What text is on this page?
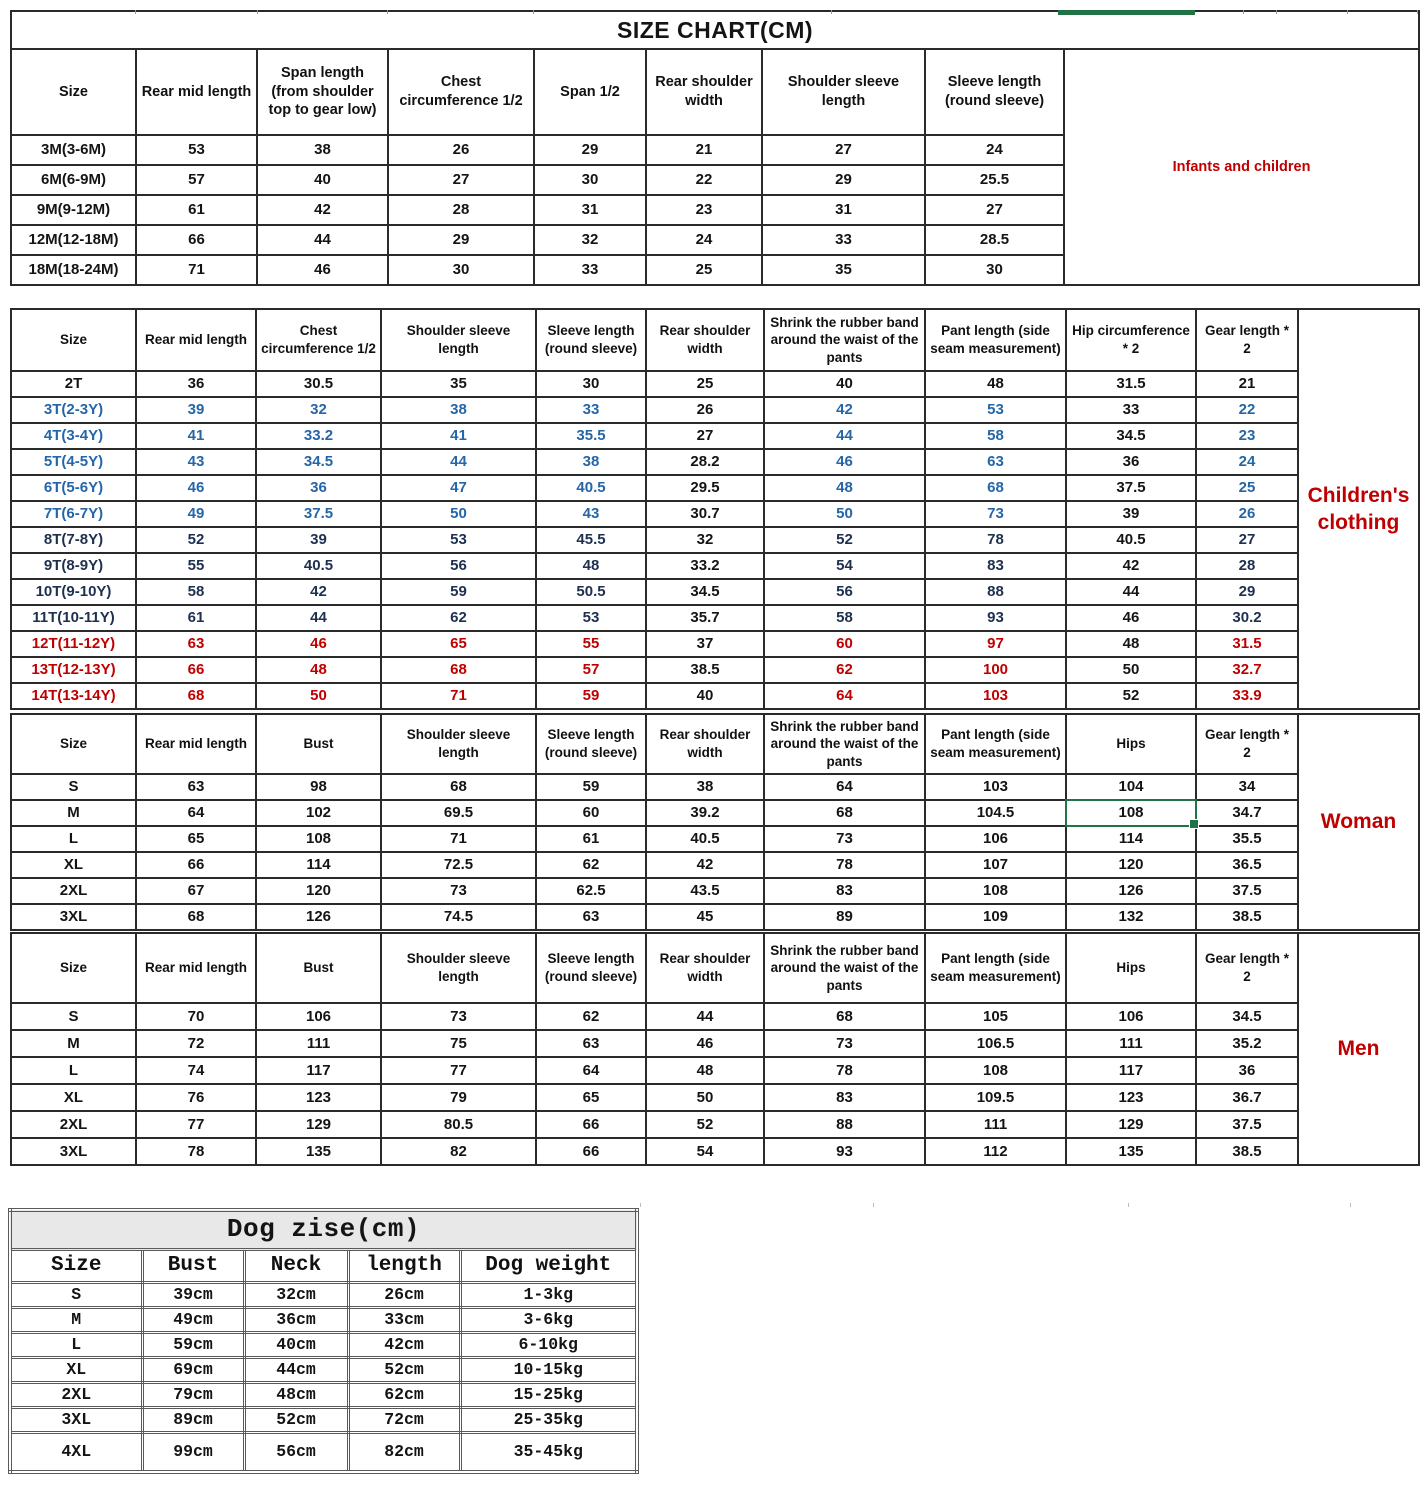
SIZE CHART(CM)								
Size	Rear mid length	Span length (from shoulder top to gear low)	Chest circumference 1/2	Span 1/2	Rear shoulder width	Shoulder sleeve length	Sleeve length (round sleeve)	Infants and children
3M(3-6M)	53	38	26	29	21	27	24	
6M(6-9M)	57	40	27	30	22	29	25.5	
9M(9-12M)	61	42	28	31	23	31	27	
12M(12-18M)	66	44	29	32	24	33	28.5	
18M(18-24M)	71	46	30	33	25	35	30	
Size	Rear mid length	Chest circumference 1/2	Shoulder sleeve length	Sleeve length (round sleeve)	Rear shoulder width	Shrink the rubber band around the waist of the pants	Pant length (side seam measurement)	Hip circumference * 2	Gear length * 2	Children's clothing
2T	36	30.5	35	30	25	40	48	31.5	21	
3T(2-3Y)	39	32	38	33	26	42	53	33	22	
4T(3-4Y)	41	33.2	41	35.5	27	44	58	34.5	23	
5T(4-5Y)	43	34.5	44	38	28.2	46	63	36	24	
6T(5-6Y)	46	36	47	40.5	29.5	48	68	37.5	25	
7T(6-7Y)	49	37.5	50	43	30.7	50	73	39	26	
8T(7-8Y)	52	39	53	45.5	32	52	78	40.5	27	
9T(8-9Y)	55	40.5	56	48	33.2	54	83	42	28	
10T(9-10Y)	58	42	59	50.5	34.5	56	88	44	29	
11T(10-11Y)	61	44	62	53	35.7	58	93	46	30.2	
12T(11-12Y)	63	46	65	55	37	60	97	48	31.5	
13T(12-13Y)	66	48	68	57	38.5	62	100	50	32.7	
14T(13-14Y)	68	50	71	59	40	64	103	52	33.9	
Size	Rear mid length	Bust	Shoulder sleeve length	Sleeve length (round sleeve)	Rear shoulder width	Shrink the rubber band around the waist of the pants	Pant length (side seam measurement)	Hips	Gear length * 2	Woman
S	63	98	68	59	38	64	103	104	34	
M	64	102	69.5	60	39.2	68	104.5	108	34.7	
L	65	108	71	61	40.5	73	106	114	35.5	
XL	66	114	72.5	62	42	78	107	120	36.5	
2XL	67	120	73	62.5	43.5	83	108	126	37.5	
3XL	68	126	74.5	63	45	89	109	132	38.5	
Size	Rear mid length	Bust	Shoulder sleeve length	Sleeve length (round sleeve)	Rear shoulder width	Shrink the rubber band around the waist of the pants	Pant length (side seam measurement)	Hips	Gear length * 2	Men
S	70	106	73	62	44	68	105	106	34.5	
M	72	111	75	63	46	73	106.5	111	35.2	
L	74	117	77	64	48	78	108	117	36	
XL	76	123	79	65	50	83	109.5	123	36.7	
2XL	77	129	80.5	66	52	88	111	129	37.5	
3XL	78	135	82	66	54	93	112	135	38.5	
Dog zise(cm)				
Size	Bust	Neck	length	Dog weight
S	39cm	32cm	26cm	1-3kg
M	49cm	36cm	33cm	3-6kg
L	59cm	40cm	42cm	6-10kg
XL	69cm	44cm	52cm	10-15kg
2XL	79cm	48cm	62cm	15-25kg
3XL	89cm	52cm	72cm	25-35kg
4XL	99cm	56cm	82cm	35-45kg
